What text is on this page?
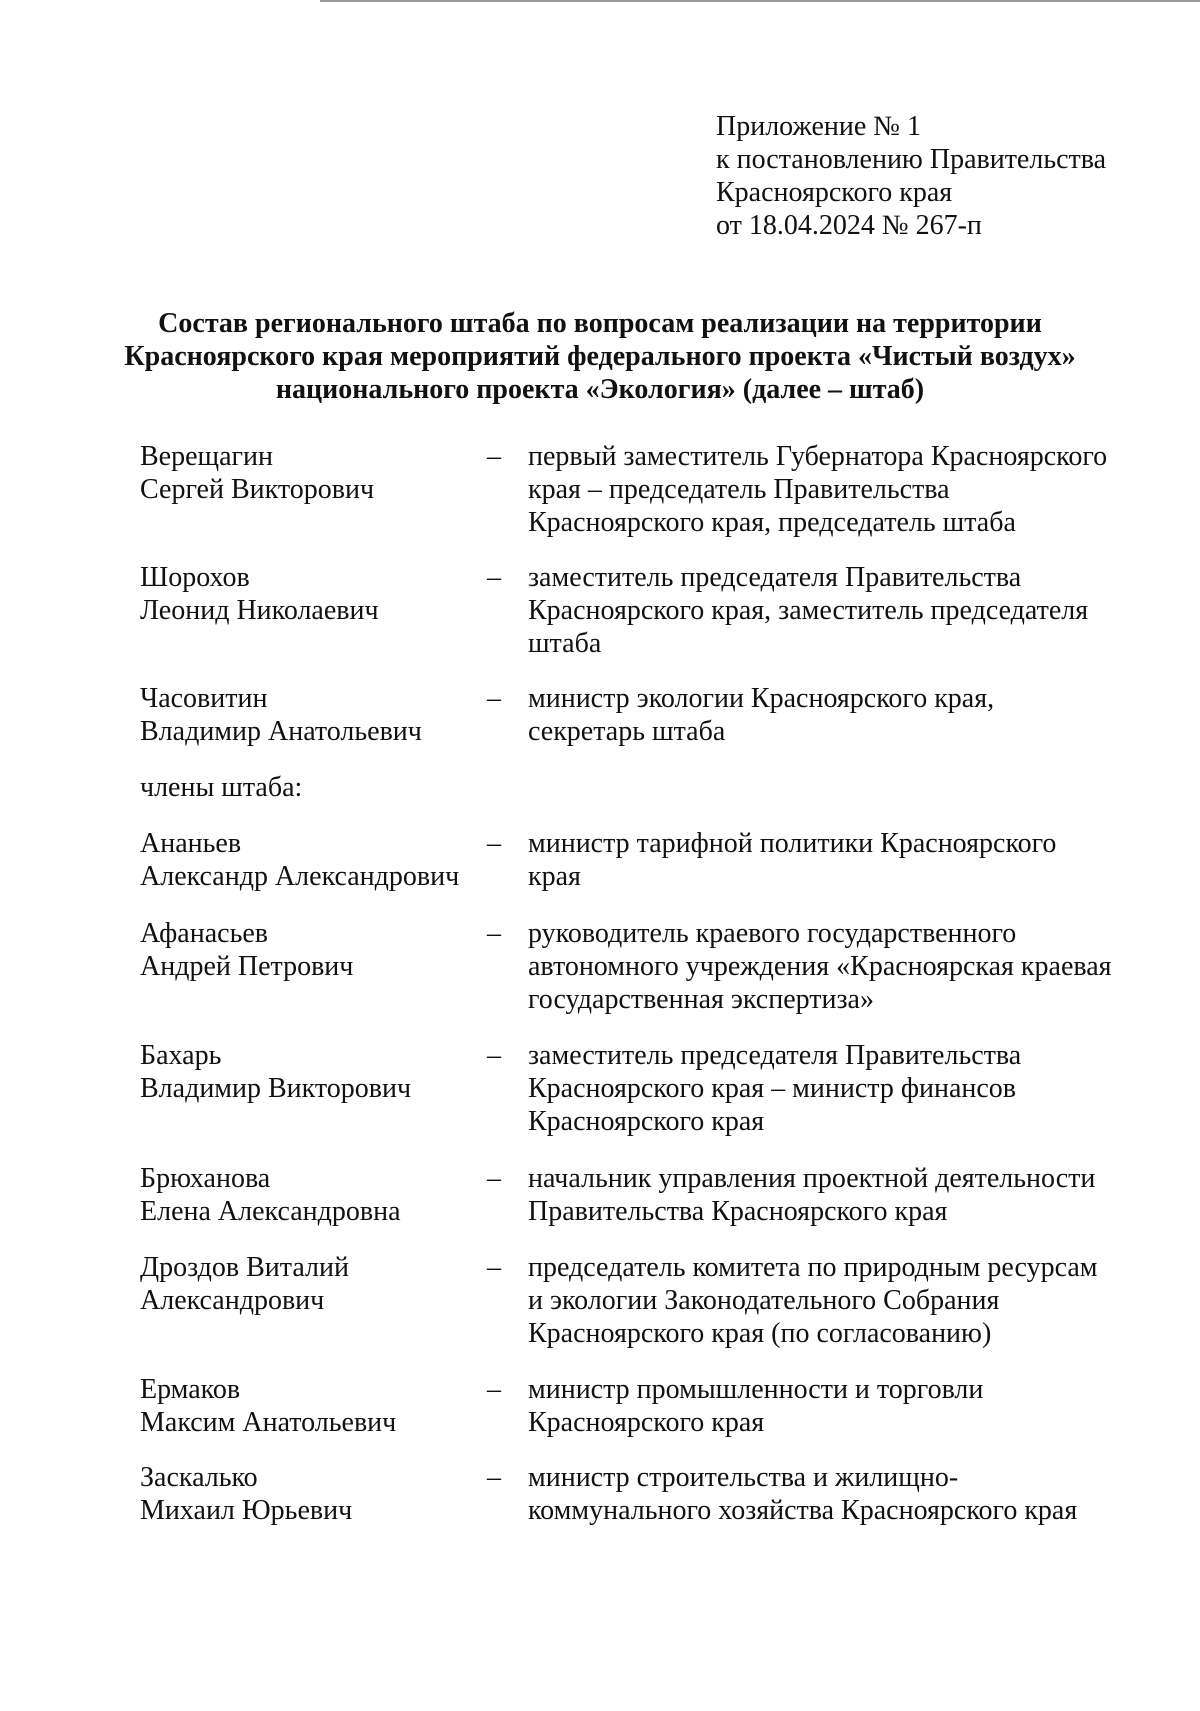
Приложение № 1
к постановлению Правительства
Красноярского края
от 18.04.2024 № 267-п
Состав регионального штаба по вопросам реализации на территории
Красноярского края мероприятий федерального проекта «Чистый воздух»
национального проекта «Экология» (далее – штаб)
Верещагин
Сергей Викторович
– первый заместитель Губернатора Красноярского
края – председатель Правительства
Красноярского края, председатель штаба
Шорохов
Леонид Николаевич
– заместитель председателя Правительства
Красноярского края, заместитель председателя
штаба
Часовитин
Владимир Анатольевич
– министр экологии Красноярского края,
секретарь штаба
члены штаба:
Ананьев
Александр Александрович
– министр тарифной политики Красноярского
края
Афанасьев
Андрей Петрович
– руководитель краевого государственного
автономного учреждения «Красноярская краевая
государственная экспертиза»
Бахарь
Владимир Викторович
– заместитель председателя Правительства
Красноярского края – министр финансов
Красноярского края
Брюханова
Елена Александровна
– начальник управления проектной деятельности
Правительства Красноярского края
Дроздов Виталий
Александрович
– председатель комитета по природным ресурсам
и экологии Законодательного Собрания
Красноярского края (по согласованию)
Ермаков
Максим Анатольевич
– министр промышленности и торговли
Красноярского края
Заскалько
Михаил Юрьевич
– министр строительства и жилищно-
коммунального хозяйства Красноярского края
